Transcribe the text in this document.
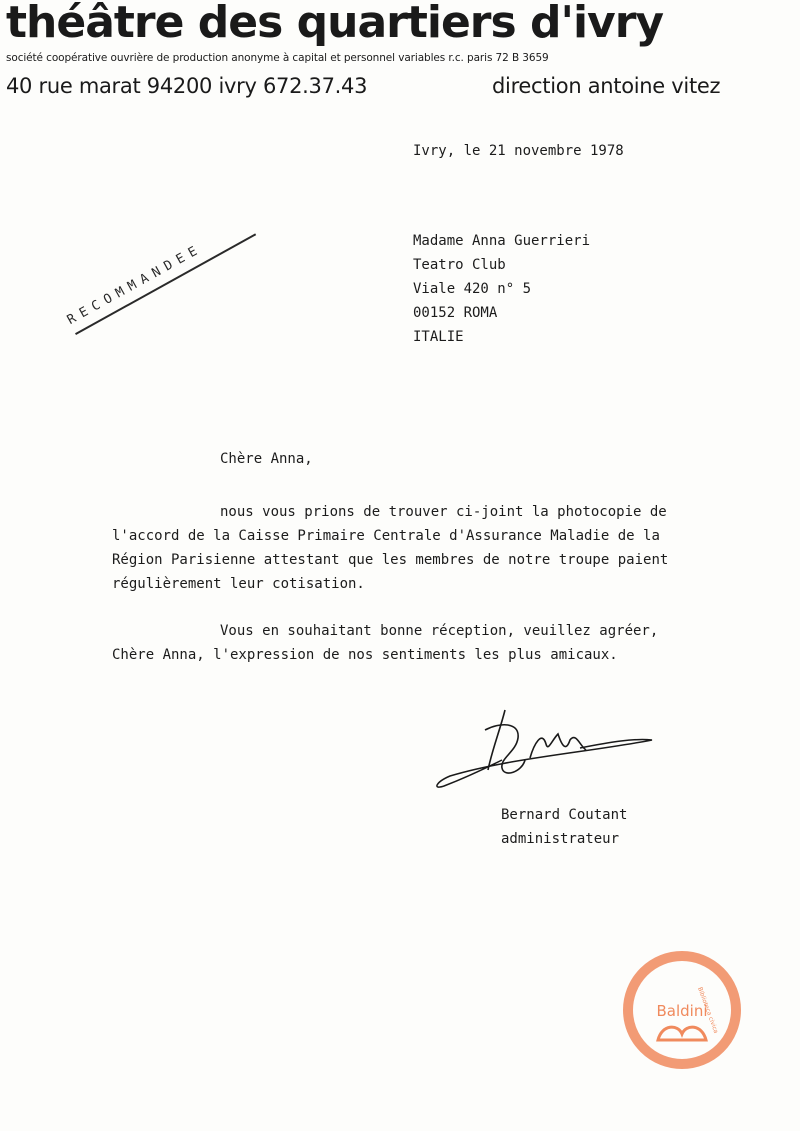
théâtre des quartiers d'ivry
société coopérative ouvrière de production anonyme à capital et personnel variables r.c. paris 72 B 3659
40 rue marat 94200 ivry 672.37.43	direction antoine vitez
Ivry, le 21 novembre 1978
RECOMMANDEE
Madame Anna Guerrieri
Teatro Club
Viale 420 n° 5
00152 ROMA
ITALIE
Chère Anna,
nous vous prions de trouver ci-joint la photocopie de
l'accord de la Caisse Primaire Centrale d'Assurance Maladie de la
Région Parisienne attestant que les membres de notre troupe paient
régulièrement leur cotisation.
Vous en souhaitant bonne réception, veuillez agréer,
Chère Anna, l'expression de nos sentiments les plus amicaux.
Bernard Coutant
administrateur
Biblioteca civica
Baldini
